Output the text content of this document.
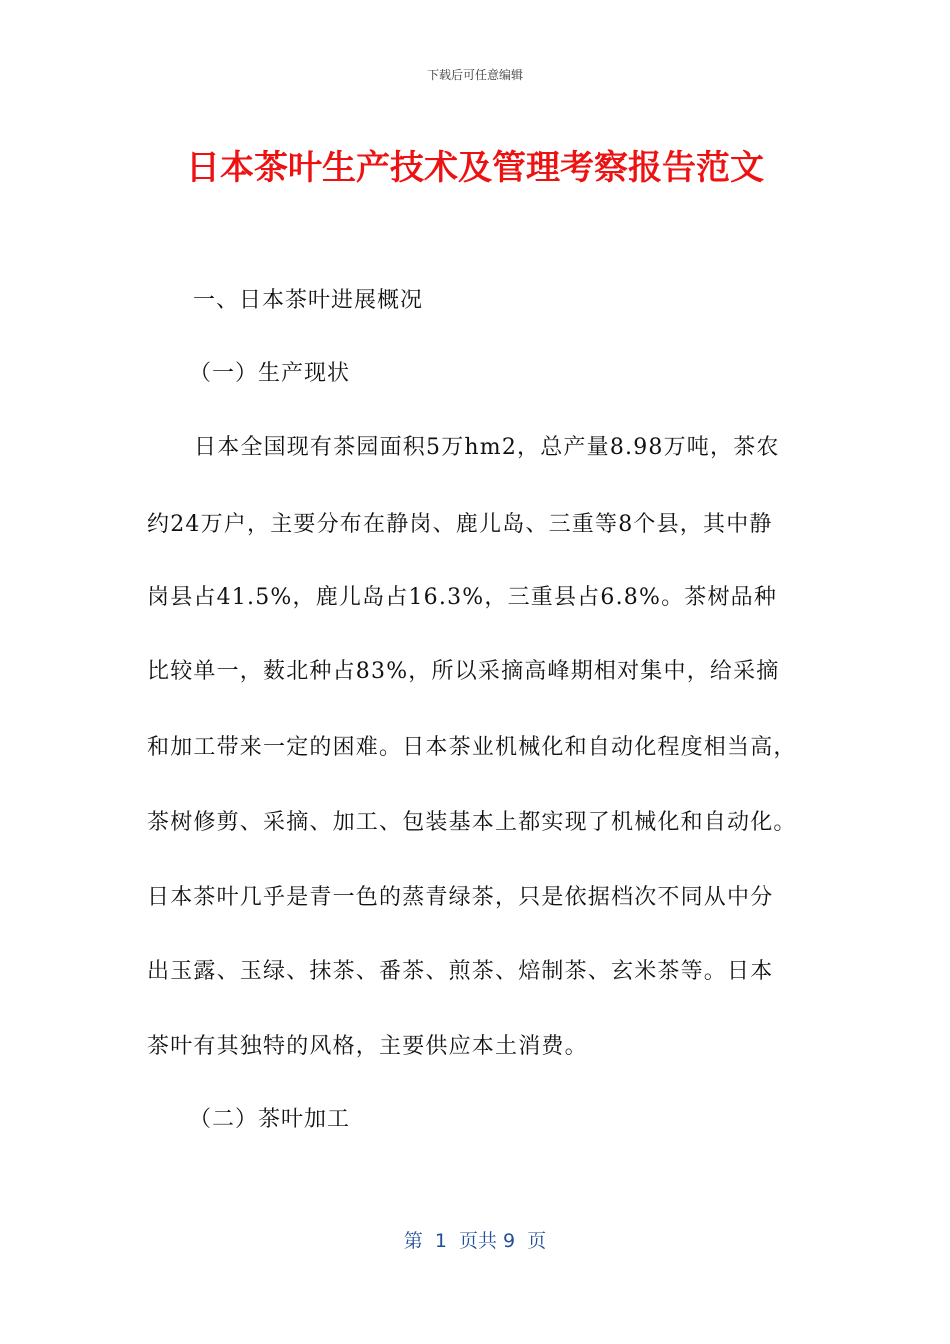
下载后可任意编辑
日本茶叶生产技术及管理考察报告范文
一、日本茶叶进展概况
（一）生产现状
日本全国现有茶园面积5万hm2，总产量8.98万吨，茶农
约24万户，主要分布在静岗、鹿儿岛、三重等8个县，其中静
岗县占41.5%，鹿儿岛占16.3%，三重县占6.8%。茶树品种
比较单一，薮北种占83%，所以采摘高峰期相对集中，给采摘
和加工带来一定的困难。日本茶业机械化和自动化程度相当高，
茶树修剪、采摘、加工、包装基本上都实现了机械化和自动化。
日本茶叶几乎是青一色的蒸青绿茶，只是依据档次不同从中分
出玉露、玉绿、抹茶、番茶、煎茶、焙制茶、玄米茶等。日本
茶叶有其独特的风格，主要供应本土消费。
（二）茶叶加工
第  1  页共 9  页
